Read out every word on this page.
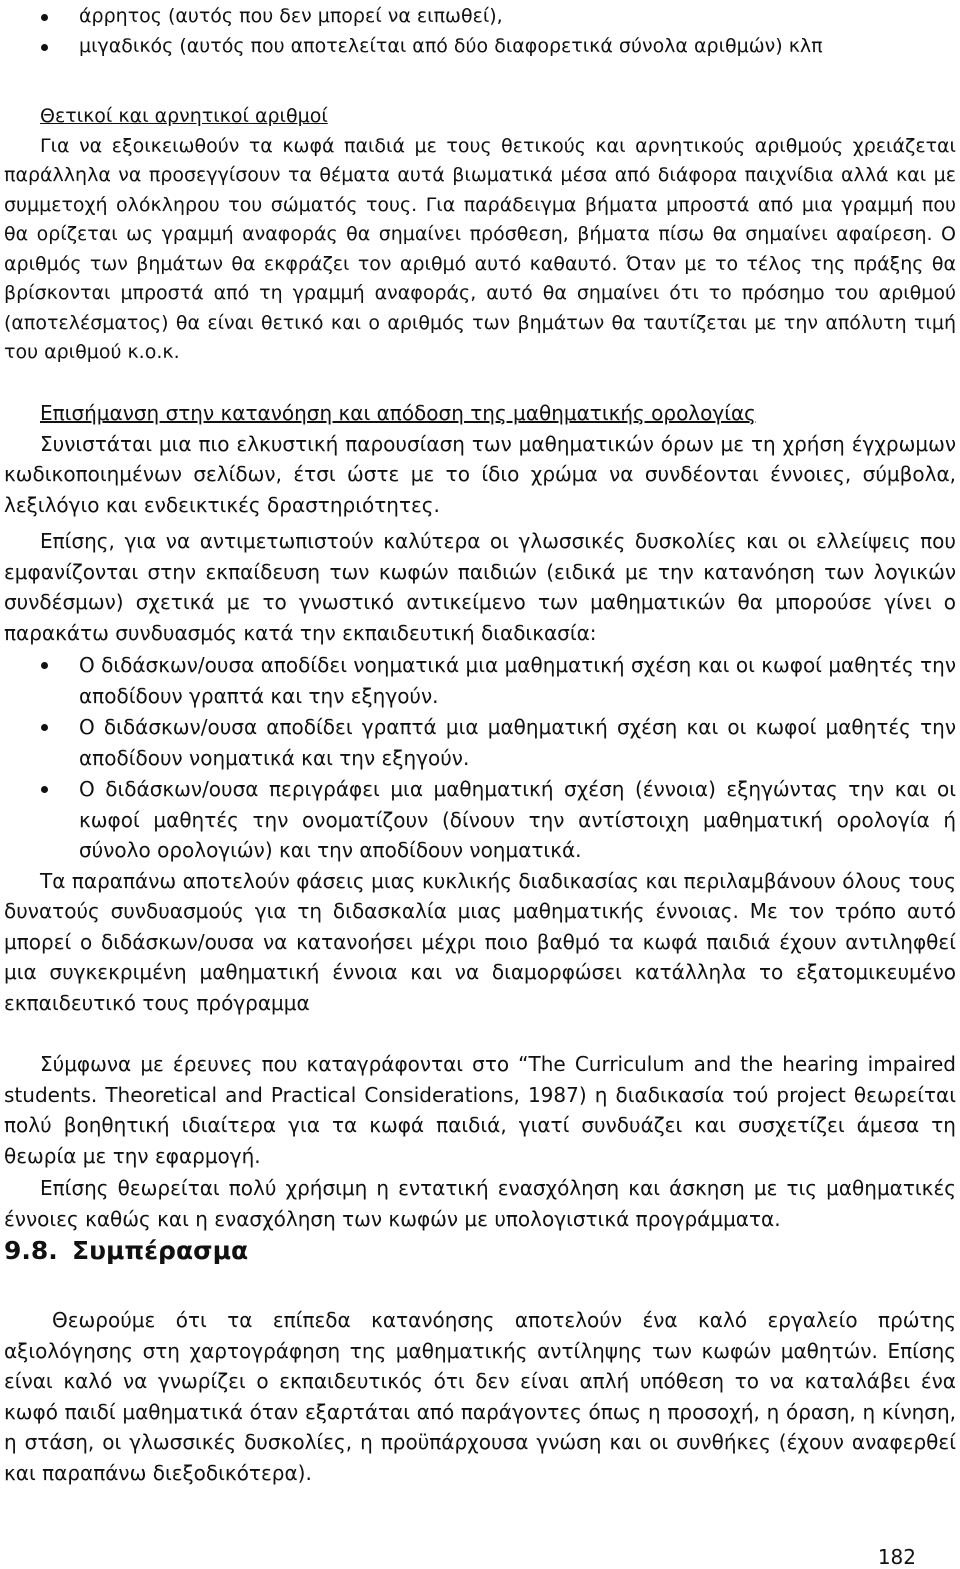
άρρητος (αυτός που δεν μπορεί να ειπωθεί),
μιγαδικός (αυτός που αποτελείται από δύο διαφορετικά σύνολα αριθμών) κλπ

Θετικοί και αρνητικοί αριθμοί

Για να εξοικειωθούν τα κωφά παιδιά με τους θετικούς και αρνητικούς αριθμούς χρειάζεται παράλληλα να προσεγγίσουν τα θέματα αυτά βιωματικά μέσα από διάφορα παιχνίδια αλλά και με συμμετοχή ολόκληρου του σώματός τους. Για παράδειγμα βήματα μπροστά από μια γραμμή που θα ορίζεται ως γραμμή αναφοράς θα σημαίνει πρόσθεση, βήματα πίσω θα σημαίνει αφαίρεση. Ο αριθμός των βημάτων θα εκφράζει τον αριθμό αυτό καθαυτό. Όταν με το τέλος της πράξης θα βρίσκονται μπροστά από τη γραμμή αναφοράς, αυτό θα σημαίνει ότι το πρόσημο του αριθμού (αποτελέσματος) θα είναι θετικό και ο αριθμός των βημάτων θα ταυτίζεται με την απόλυτη τιμή του αριθμού κ.ο.κ.

Επισήμανση στην κατανόηση και απόδοση της μαθηματικής ορολογίας

Συνιστάται μια πιο ελκυστική παρουσίαση των μαθηματικών όρων με τη χρήση έγχρωμων κωδικοποιημένων σελίδων, έτσι ώστε με το ίδιο χρώμα να συνδέονται έννοιες, σύμβολα, λεξιλόγιο και ενδεικτικές δραστηριότητες.

Επίσης, για να αντιμετωπιστούν καλύτερα οι γλωσσικές δυσκολίες και οι ελλείψεις που εμφανίζονται στην εκπαίδευση των κωφών παιδιών (ειδικά με την κατανόηση των λογικών συνδέσμων) σχετικά με το γνωστικό αντικείμενο των μαθηματικών θα μπορούσε γίνει ο παρακάτω συνδυασμός κατά την εκπαιδευτική διαδικασία:

Ο διδάσκων/ουσα αποδίδει νοηματικά μια μαθηματική σχέση και οι κωφοί μαθητές την αποδίδουν γραπτά και την εξηγούν.
Ο διδάσκων/ουσα αποδίδει γραπτά μια μαθηματική σχέση και οι κωφοί μαθητές την αποδίδουν νοηματικά και την εξηγούν.
Ο διδάσκων/ουσα περιγράφει μια μαθηματική σχέση (έννοια) εξηγώντας την και οι κωφοί μαθητές την ονοματίζουν (δίνουν την αντίστοιχη μαθηματική ορολογία ή σύνολο ορολογιών) και την αποδίδουν νοηματικά.

Τα παραπάνω αποτελούν φάσεις μιας κυκλικής διαδικασίας και περιλαμβάνουν όλους τους δυνατούς συνδυασμούς για τη διδασκαλία μιας μαθηματικής έννοιας. Με τον τρόπο αυτό μπορεί ο διδάσκων/ουσα να κατανοήσει μέχρι ποιο βαθμό τα κωφά παιδιά έχουν αντιληφθεί μια συγκεκριμένη μαθηματική έννοια και να διαμορφώσει κατάλληλα το εξατομικευμένο εκπαιδευτικό τους πρόγραμμα

Σύμφωνα με έρευνες που καταγράφονται στο “The Curriculum and the hearing impaired students. Theoretical and Practical Considerations, 1987) η διαδικασία τού project θεωρείται πολύ βοηθητική ιδιαίτερα για τα κωφά παιδιά, γιατί συνδυάζει και συσχετίζει άμεσα τη θεωρία με την εφαρμογή.

Επίσης θεωρείται πολύ χρήσιμη η εντατική ενασχόληση και άσκηση με τις μαθηματικές έννοιες καθώς και η ενασχόληση των κωφών με υπολογιστικά προγράμματα.

9.8. Συμπέρασμα

Θεωρούμε ότι τα επίπεδα κατανόησης αποτελούν ένα καλό εργαλείο πρώτης αξιολόγησης στη χαρτογράφηση της μαθηματικής αντίληψης των κωφών μαθητών. Επίσης είναι καλό να γνωρίζει ο εκπαιδευτικός ότι δεν είναι απλή υπόθεση το να καταλάβει ένα κωφό παιδί μαθηματικά όταν εξαρτάται από παράγοντες όπως η προσοχή, η όραση, η κίνηση, η στάση, οι γλωσσικές δυσκολίες, η προϋπάρχουσα γνώση και οι συνθήκες (έχουν αναφερθεί και παραπάνω διεξοδικότερα).

182
